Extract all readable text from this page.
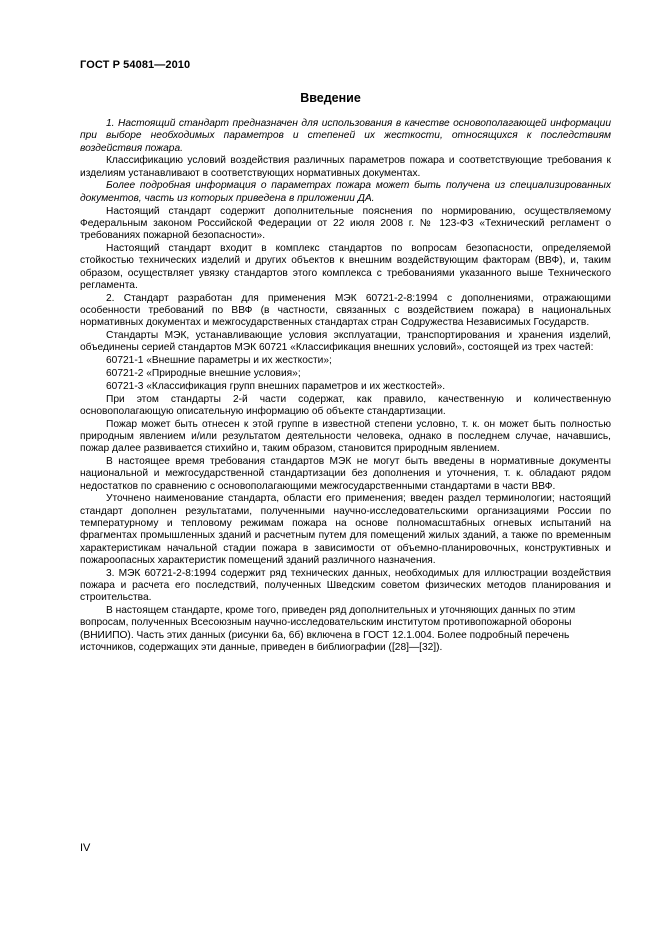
ГОСТ Р 54081—2010
Введение

1. Настоящий стандарт предназначен для использования в качестве основополагающей информации при выборе необходимых параметров и степеней их жесткости, относящихся к последствиям воздействия пожара.

Классификацию условий воздействия различных параметров пожара и соответствующие требования к изделиям устанавливают в соответствующих нормативных документах.

Более подробная информация о параметрах пожара может быть получена из специализированных документов, часть из которых приведена в приложении ДА.

Настоящий стандарт содержит дополнительные пояснения по нормированию, осуществляемому Федеральным законом Российской Федерации от 22 июля 2008 г. № 123-ФЗ «Технический регламент о требованиях пожарной безопасности».

Настоящий стандарт входит в комплекс стандартов по вопросам безопасности, определяемой стойкостью технических изделий и других объектов к внешним воздействующим факторам (ВВФ), и, таким образом, осуществляет увязку стандартов этого комплекса с требованиями указанного выше Технического регламента.

2. Стандарт разработан для применения МЭК 60721-2-8:1994 с дополнениями, отражающими особенности требований по ВВФ (в частности, связанных с воздействием пожара) в национальных нормативных документах и межгосударственных стандартах стран Содружества Независимых Государств.

Стандарты МЭК, устанавливающие условия эксплуатации, транспортирования и хранения изделий, объединены серией стандартов МЭК 60721 «Классификация внешних условий», состоящей из трех частей:

60721-1 «Внешние параметры и их жесткости»;

60721-2 «Природные внешние условия»;

60721-3 «Классификация групп внешних параметров и их жесткостей».

При этом стандарты 2-й части содержат, как правило, качественную и количественную основополагающую описательную информацию об объекте стандартизации.

Пожар может быть отнесен к этой группе в известной степени условно, т. к. он может быть полностью природным явлением и/или результатом деятельности человека, однако в последнем случае, начавшись, пожар далее развивается стихийно и, таким образом, становится природным явлением.

В настоящее время требования стандартов МЭК не могут быть введены в нормативные документы национальной и межгосударственной стандартизации без дополнения и уточнения, т. к. обладают рядом недостатков по сравнению с основополагающими межгосударственными стандартами в части ВВФ.

Уточнено наименование стандарта, области его применения; введен раздел терминологии; настоящий стандарт дополнен результатами, полученными научно-исследовательскими организациями России по температурному и тепловому режимам пожара на основе полномасштабных огневых испытаний на фрагментах промышленных зданий и расчетным путем для помещений жилых зданий, а также по временным характеристикам начальной стадии пожара в зависимости от объемно-планировочных, конструктивных и пожароопасных характеристик помещений зданий различного назначения.

3. МЭК 60721-2-8:1994 содержит ряд технических данных, необходимых для иллюстрации воздействия пожара и расчета его последствий, полученных Шведским советом физических методов планирования и строительства.

В настоящем стандарте, кроме того, приведен ряд дополнительных и уточняющих данных по этим вопросам, полученных Всесоюзным научно-исследовательским институтом противопожарной обороны (ВНИИПО). Часть этих данных (рисунки 6а, 6б) включена в ГОСТ 12.1.004. Более подробный перечень источников, содержащих эти данные, приведен в библиографии ([28]—[32]).

IV
